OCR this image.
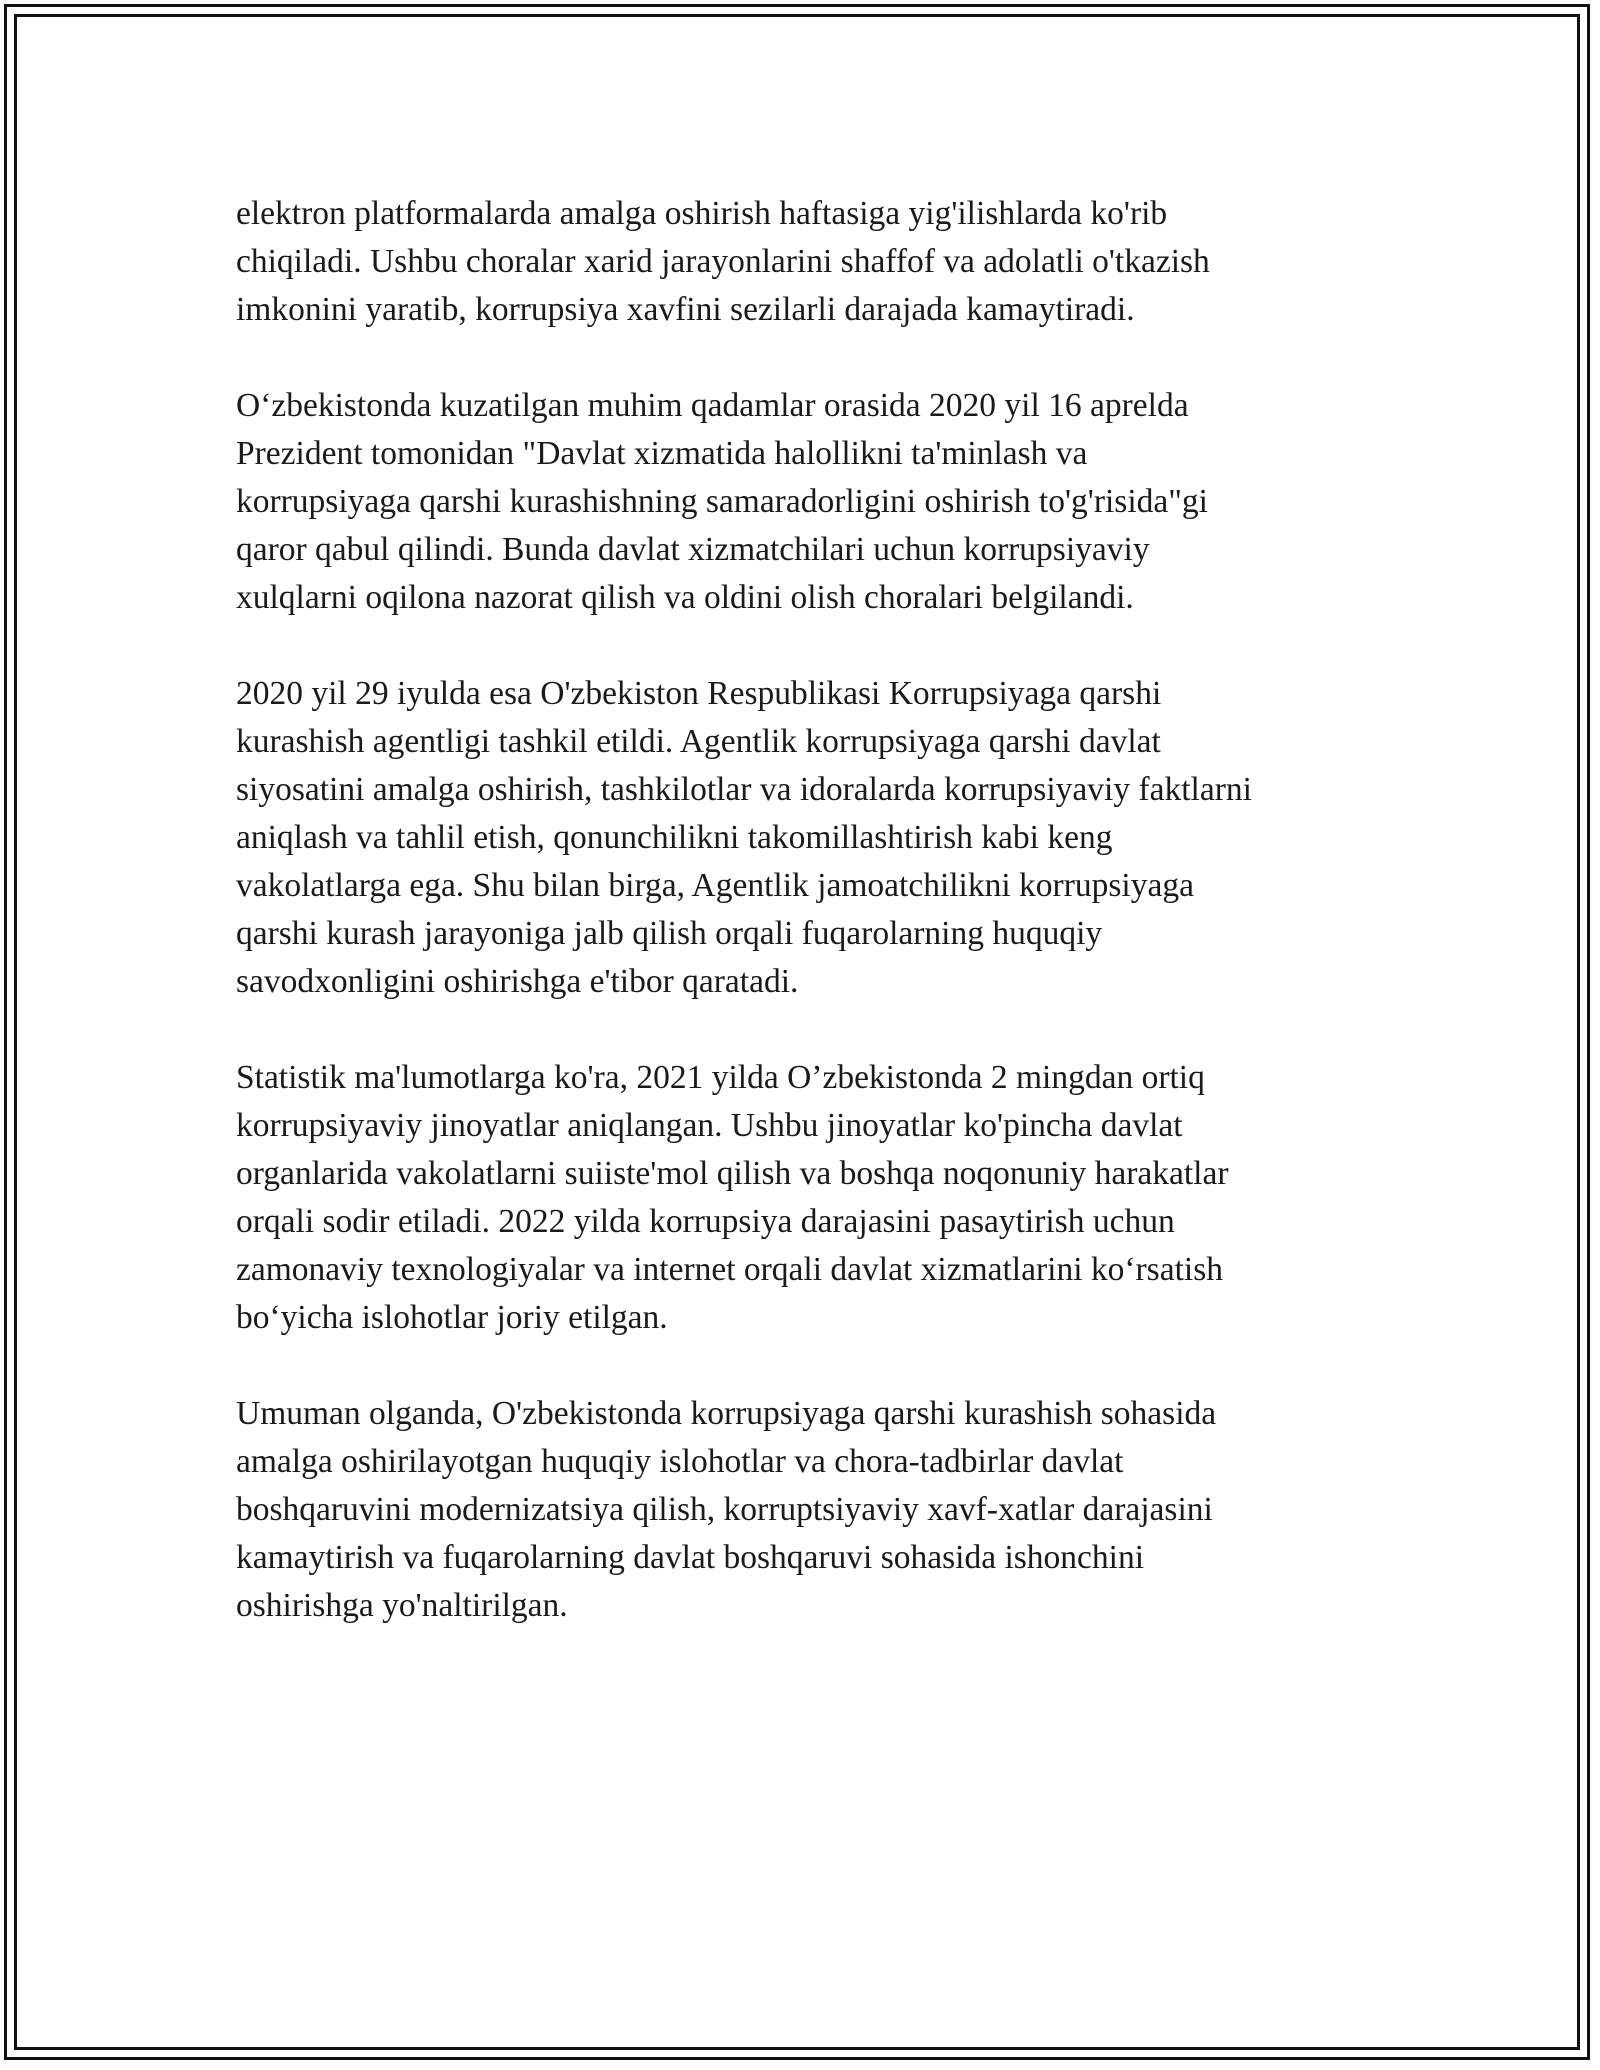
elektron platformalarda amalga oshirish haftasiga yig'ilishlarda ko'rib
chiqiladi. Ushbu choralar xarid jarayonlarini shaffof va adolatli o'tkazish
imkonini yaratib, korrupsiya xavfini sezilarli darajada kamaytiradi.

O‘zbekistonda kuzatilgan muhim qadamlar orasida 2020 yil 16 aprelda
Prezident tomonidan "Davlat xizmatida halollikni ta'minlash va
korrupsiyaga qarshi kurashishning samaradorligini oshirish to'g'risida"gi
qaror qabul qilindi. Bunda davlat xizmatchilari uchun korrupsiyaviy
xulqlarni oqilona nazorat qilish va oldini olish choralari belgilandi.

2020 yil 29 iyulda esa O'zbekiston Respublikasi Korrupsiyaga qarshi
kurashish agentligi tashkil etildi. Agentlik korrupsiyaga qarshi davlat
siyosatini amalga oshirish, tashkilotlar va idoralarda korrupsiyaviy faktlarni
aniqlash va tahlil etish, qonunchilikni takomillashtirish kabi keng
vakolatlarga ega. Shu bilan birga, Agentlik jamoatchilikni korrupsiyaga
qarshi kurash jarayoniga jalb qilish orqali fuqarolarning huquqiy
savodxonligini oshirishga e'tibor qaratadi.

Statistik ma'lumotlarga ko'ra, 2021 yilda O’zbekistonda 2 mingdan ortiq
korrupsiyaviy jinoyatlar aniqlangan. Ushbu jinoyatlar ko'pincha davlat
organlarida vakolatlarni suiiste'mol qilish va boshqa noqonuniy harakatlar
orqali sodir etiladi. 2022 yilda korrupsiya darajasini pasaytirish uchun
zamonaviy texnologiyalar va internet orqali davlat xizmatlarini ko‘rsatish
bo‘yicha islohotlar joriy etilgan.

Umuman olganda, O'zbekistonda korrupsiyaga qarshi kurashish sohasida
amalga oshirilayotgan huquqiy islohotlar va chora-tadbirlar davlat
boshqaruvini modernizatsiya qilish, korruptsiyaviy xavf-xatlar darajasini
kamaytirish va fuqarolarning davlat boshqaruvi sohasida ishonchini
oshirishga yo'naltirilgan.
